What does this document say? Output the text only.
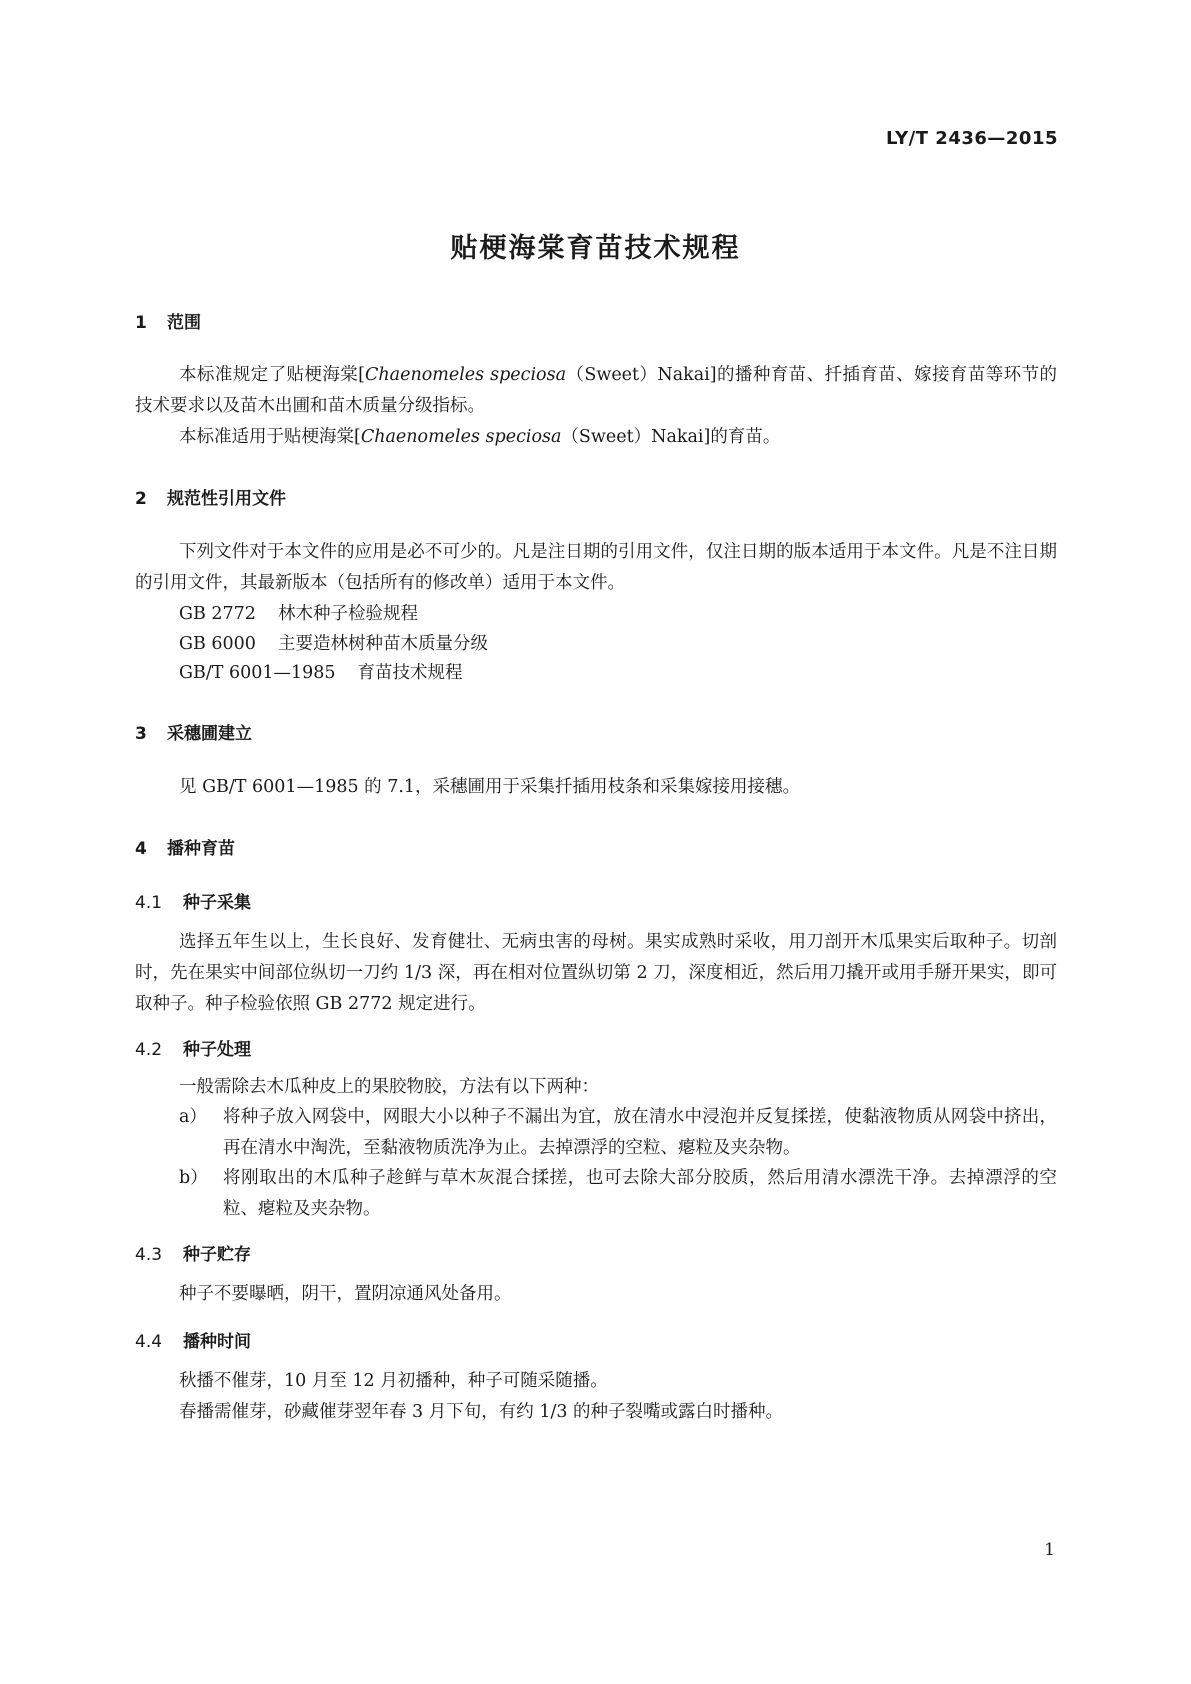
LY/T 2436—2015
贴梗海棠育苗技术规程
1 范围
本标准规定了贴梗海棠[Chaenomeles speciosa（Sweet）Nakai]的播种育苗、扦插育苗、嫁接育苗等环节的技术要求以及苗木出圃和苗木质量分级指标。
本标准适用于贴梗海棠[Chaenomeles speciosa（Sweet）Nakai]的育苗。
2 规范性引用文件
下列文件对于本文件的应用是必不可少的。凡是注日期的引用文件，仅注日期的版本适用于本文件。凡是不注日期的引用文件，其最新版本（包括所有的修改单）适用于本文件。
GB 2772 林木种子检验规程
GB 6000 主要造林树种苗木质量分级
GB/T 6001—1985 育苗技术规程
3 采穗圃建立
见 GB/T 6001—1985 的 7.1，采穗圃用于采集扦插用枝条和采集嫁接用接穗。
4 播种育苗
4.1 种子采集
选择五年生以上，生长良好、发育健壮、无病虫害的母树。果实成熟时采收，用刀剖开木瓜果实后取种子。切剖时，先在果实中间部位纵切一刀约 1/3 深，再在相对位置纵切第 2 刀，深度相近，然后用刀撬开或用手掰开果实，即可取种子。种子检验依照 GB 2772 规定进行。
4.2 种子处理
一般需除去木瓜种皮上的果胶物胶，方法有以下两种：
a） 将种子放入网袋中，网眼大小以种子不漏出为宜，放在清水中浸泡并反复揉搓，使黏液物质从网袋中挤出，再在清水中淘洗，至黏液物质洗净为止。去掉漂浮的空粒、瘪粒及夹杂物。
b） 将刚取出的木瓜种子趁鲜与草木灰混合揉搓，也可去除大部分胶质，然后用清水漂洗干净。去掉漂浮的空粒、瘪粒及夹杂物。
4.3 种子贮存
种子不要曝晒，阴干，置阴凉通风处备用。
4.4 播种时间
秋播不催芽，10 月至 12 月初播种，种子可随采随播。
春播需催芽，砂藏催芽翌年春 3 月下旬，有约 1/3 的种子裂嘴或露白时播种。
1
